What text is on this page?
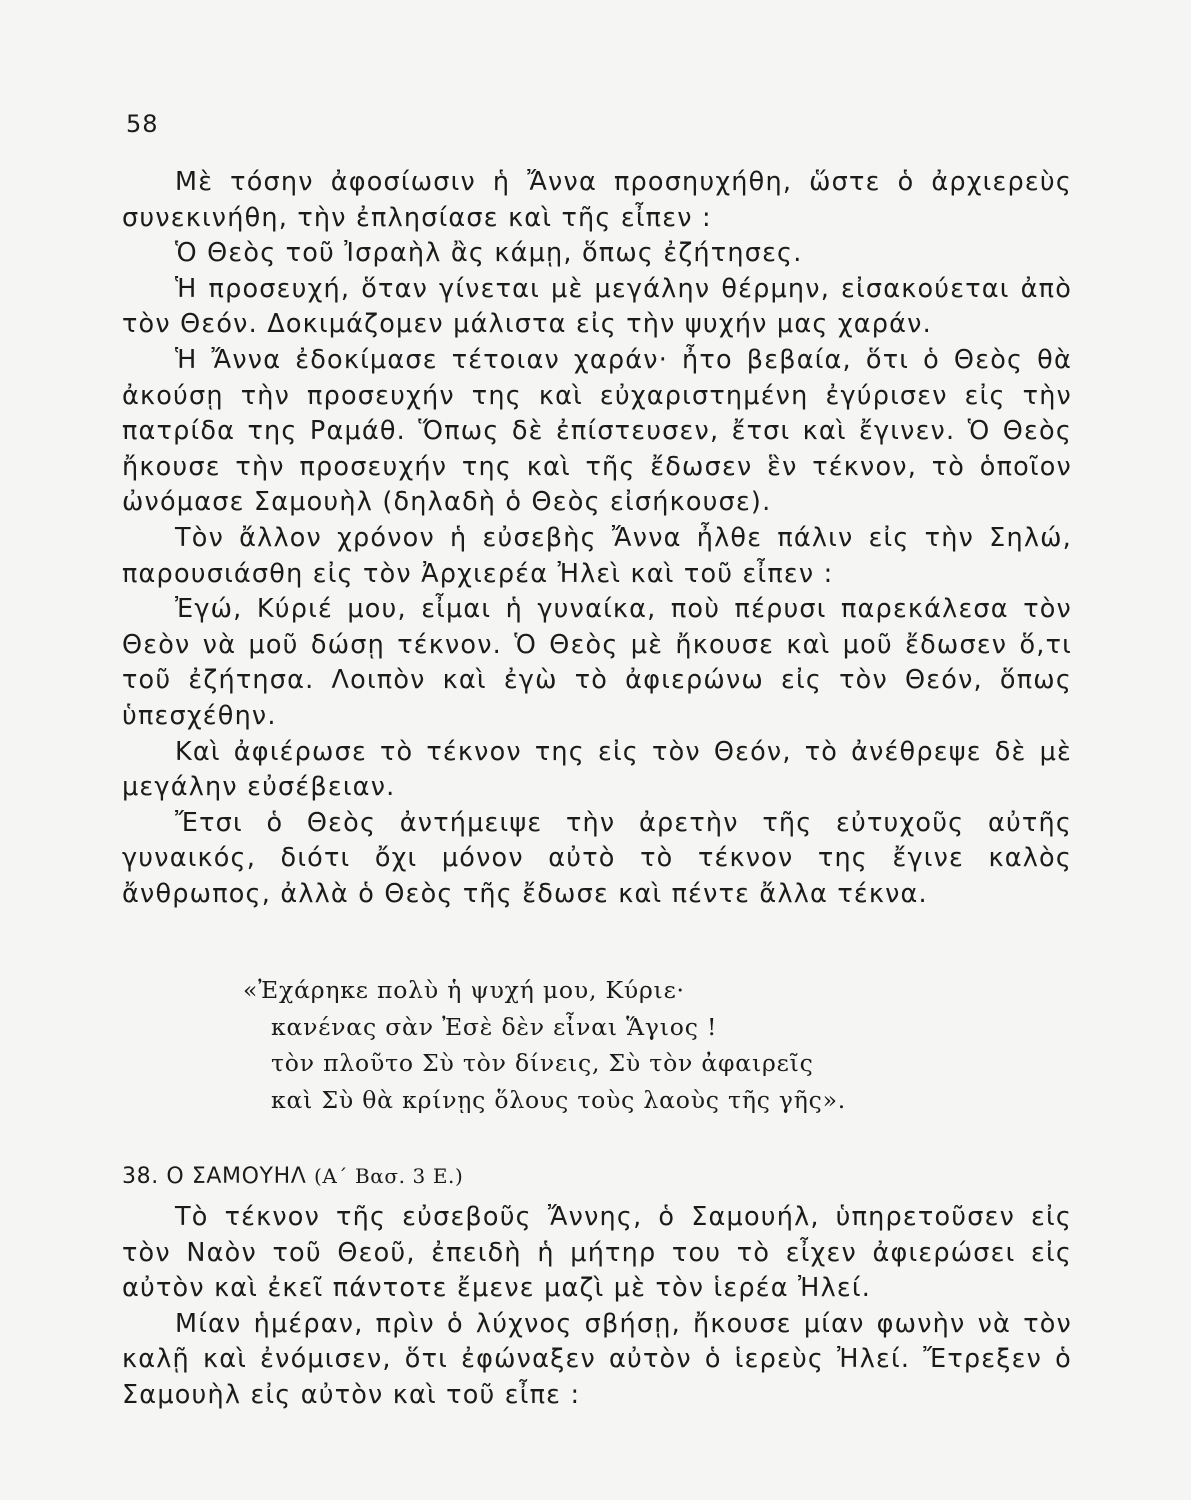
58

Μὲ τόσην ἀφοσίωσιν ἡ Ἄννα προσηυχήθη, ὥστε ὁ ἀρχιερεὺς συνεκινήθη, τὴν ἐπλησίασε καὶ τῆς εἶπεν :

Ὁ Θεὸς τοῦ Ἰσραὴλ ἂς κάμῃ, ὅπως ἐζήτησες.

Ἡ προσευχή, ὅταν γίνεται μὲ μεγάλην θέρμην, εἰσακούεται ἀπὸ τὸν Θεόν. Δοκιμάζομεν μάλιστα εἰς τὴν ψυχήν μας χαράν.

Ἡ Ἄννα ἐδοκίμασε τέτοιαν χαράν· ἦτο βεβαία, ὅτι ὁ Θεὸς θὰ ἀκούσῃ τὴν προσευχήν της καὶ εὐχαριστημένη ἐγύρισεν εἰς τὴν πατρίδα της Ραμάθ. Ὅπως δὲ ἐπίστευσεν, ἔτσι καὶ ἔγινεν. Ὁ Θεὸς ἤκουσε τὴν προσευχήν της καὶ τῆς ἔδωσεν ἓν τέκνον, τὸ ὁποῖον ὠνόμασε Σαμουὴλ (δηλαδὴ ὁ Θεὸς εἰσήκουσε).

Τὸν ἄλλον χρόνον ἡ εὐσεβὴς Ἄννα ἦλθε πάλιν εἰς τὴν Σηλώ, παρουσιάσθη εἰς τὸν Ἀρχιερέα Ἠλεὶ καὶ τοῦ εἶπεν :

Ἐγώ, Κύριέ μου, εἶμαι ἡ γυναίκα, ποὺ πέρυσι παρεκάλεσα τὸν Θεὸν νὰ μοῦ δώσῃ τέκνον. Ὁ Θεὸς μὲ ἤκουσε καὶ μοῦ ἔδωσεν ὅ,τι τοῦ ἐζήτησα. Λοιπὸν καὶ ἐγὼ τὸ ἀφιερώνω εἰς τὸν Θεόν, ὅπως ὑπεσχέθην.

Καὶ ἀφιέρωσε τὸ τέκνον της εἰς τὸν Θεόν, τὸ ἀνέθρεψε δὲ μὲ μεγάλην εὐσέβειαν.

Ἔτσι ὁ Θεὸς ἀντήμειψε τὴν ἀρετὴν τῆς εὐτυχοῦς αὐτῆς γυναικός, διότι ὄχι μόνον αὐτὸ τὸ τέκνον της ἔγινε καλὸς ἄνθρωπος, ἀλλὰ ὁ Θεὸς τῆς ἔδωσε καὶ πέντε ἄλλα τέκνα.

«Ἐχάρηκε πολὺ ἡ ψυχή μου, Κύριε·
κανένας σὰν Ἐσὲ δὲν εἶναι Ἅγιος !
τὸν πλοῦτο Σὺ τὸν δίνεις, Σὺ τὸν ἀφαιρεῖς
καὶ Σὺ θὰ κρίνῃς ὅλους τοὺς λαοὺς τῆς γῆς».
38. Ο ΣΑΜΟΥΗΛ (Α΄ Βασ. 3 Ε.)

Τὸ τέκνον τῆς εὐσεβοῦς Ἄννης, ὁ Σαμουήλ, ὑπηρετοῦσεν εἰς τὸν Ναὸν τοῦ Θεοῦ, ἐπειδὴ ἡ μήτηρ του τὸ εἶχεν ἀφιερώσει εἰς αὐτὸν καὶ ἐκεῖ πάντοτε ἔμενε μαζὶ μὲ τὸν ἱερέα Ἠλεί.

Μίαν ἡμέραν, πρὶν ὁ λύχνος σβήσῃ, ἤκουσε μίαν φωνὴν νὰ τὸν καλῇ καὶ ἐνόμισεν, ὅτι ἐφώναξεν αὐτὸν ὁ ἱερεὺς Ἠλεί. Ἔτρεξεν ὁ Σαμουὴλ εἰς αὐτὸν καὶ τοῦ εἶπε :
